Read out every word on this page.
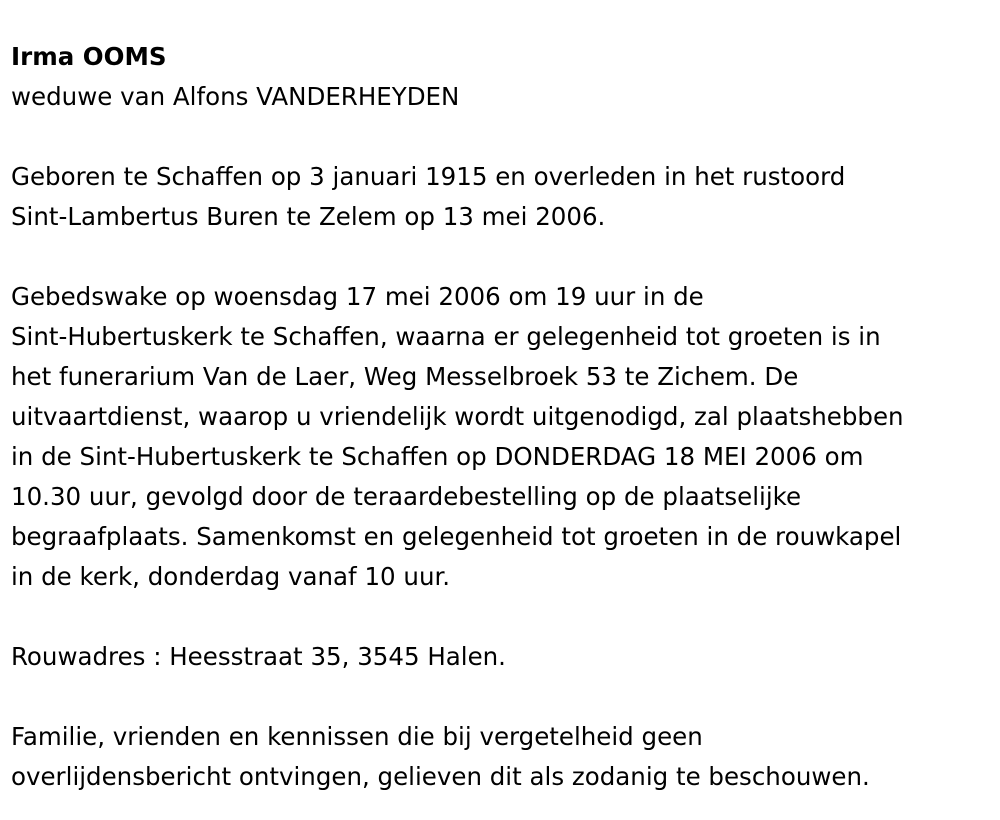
Irma OOMS

weduwe van Alfons VANDERHEYDEN

Geboren te Schaffen op 3 januari 1915 en overleden in het rustoord

Sint-Lambertus Buren te Zelem op 13 mei 2006.

Gebedswake op woensdag 17 mei 2006 om 19 uur in de

Sint-Hubertuskerk te Schaffen, waarna er gelegenheid tot groeten is in

het funerarium Van de Laer, Weg Messelbroek 53 te Zichem. De

uitvaartdienst, waarop u vriendelijk wordt uitgenodigd, zal plaatshebben

in de Sint-Hubertuskerk te Schaffen op DONDERDAG 18 MEI 2006 om

10.30 uur, gevolgd door de teraardebestelling op de plaatselijke

begraafplaats. Samenkomst en gelegenheid tot groeten in de rouwkapel

in de kerk, donderdag vanaf 10 uur.

Rouwadres : Heesstraat 35, 3545 Halen.

Familie, vrienden en kennissen die bij vergetelheid geen

overlijdensbericht ontvingen, gelieven dit als zodanig te beschouwen.
